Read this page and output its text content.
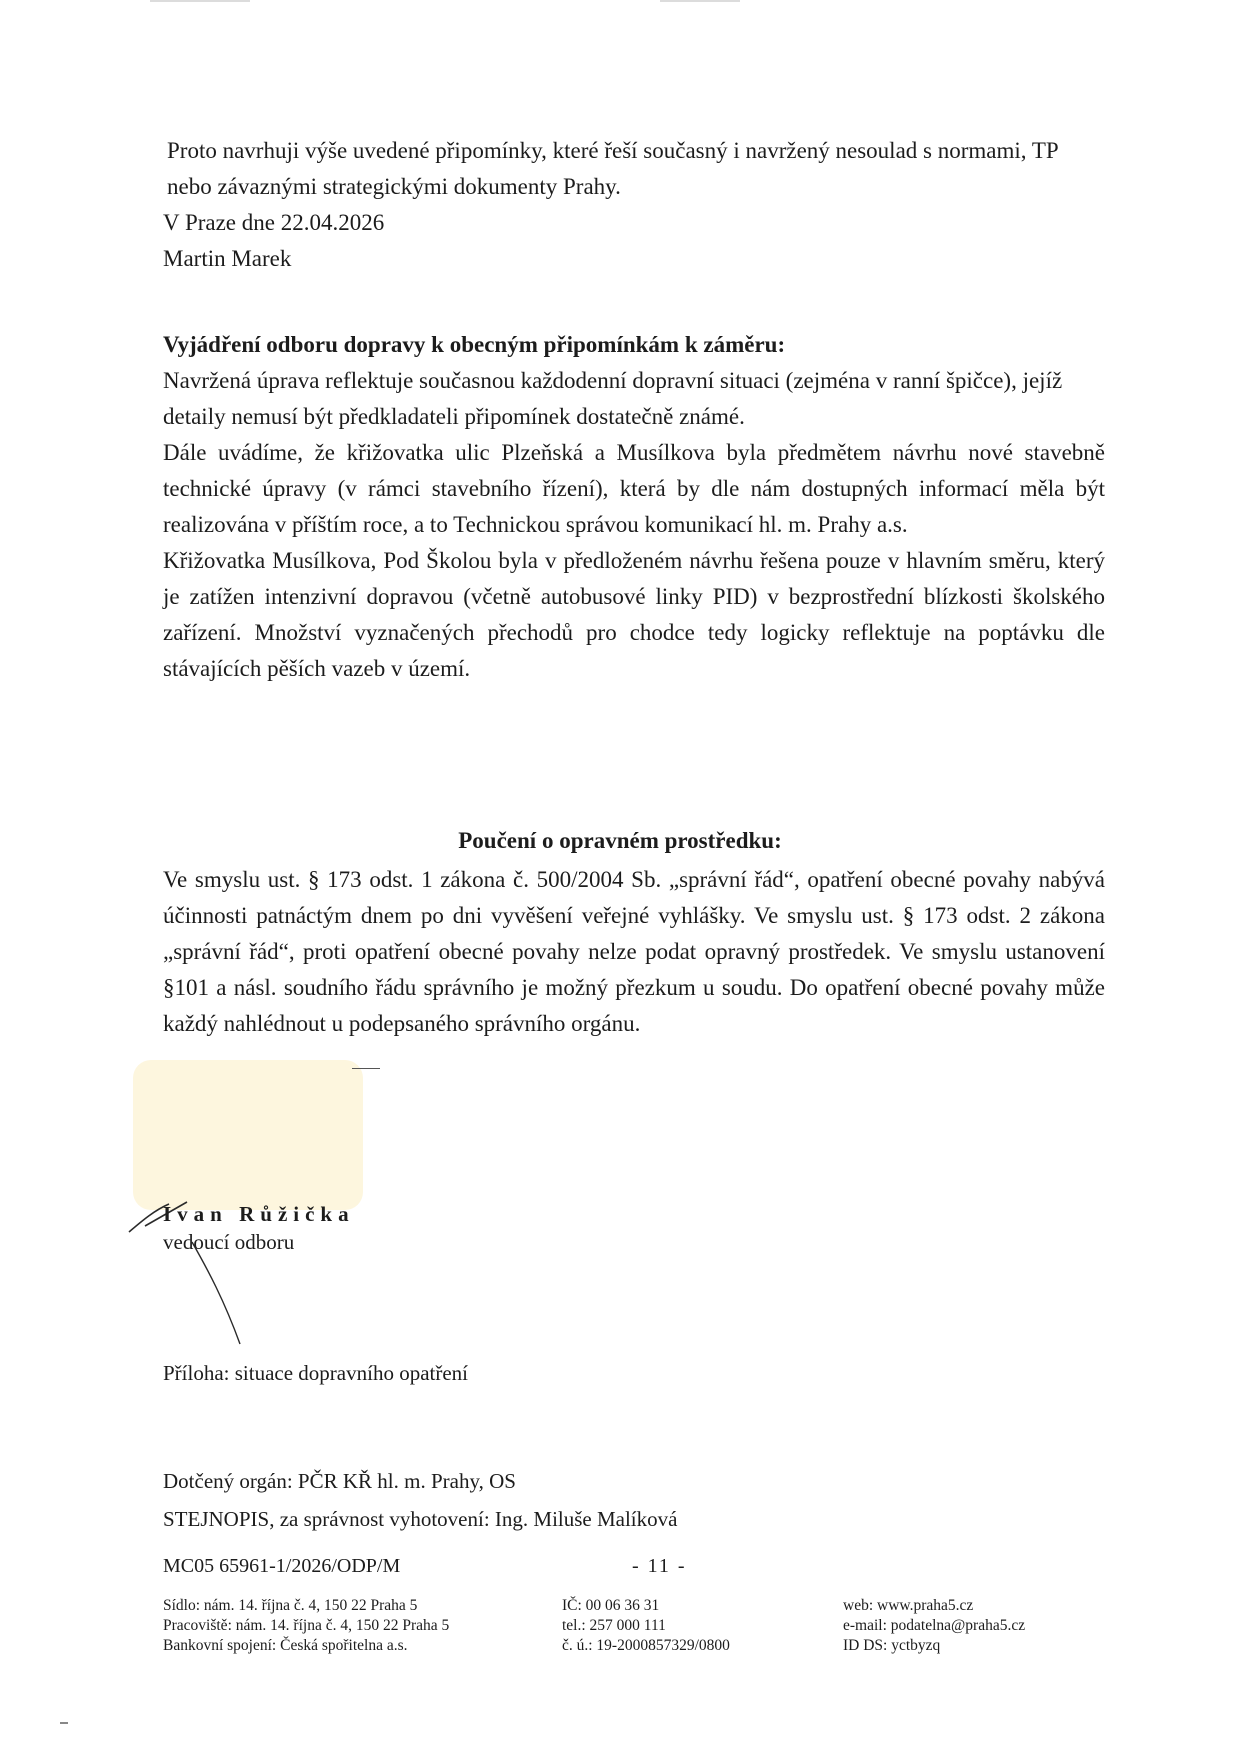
Proto navrhuji výše uvedené připomínky, které řeší současný i navržený nesoulad s normami, TP nebo závaznými strategickými dokumenty Prahy.

V Praze dne 22.04.2026

Martin Marek

Vyjádření odboru dopravy k obecným připomínkám k záměru:

Navržená úprava reflektuje současnou každodenní dopravní situaci (zejména v ranní špičce), jejíž detaily nemusí být předkladateli připomínek dostatečně známé.

Dále uvádíme, že křižovatka ulic Plzeňská a Musílkova byla předmětem návrhu nové stavebně technické úpravy (v rámci stavebního řízení), která by dle nám dostupných informací měla být realizována v příštím roce, a to Technickou správou komunikací hl. m. Prahy a.s.

Křižovatka Musílkova, Pod Školou byla v předloženém návrhu řešena pouze v hlavním směru, který je zatížen intenzivní dopravou (včetně autobusové linky PID) v bezprostřední blízkosti školského zařízení. Množství vyznačených přechodů pro chodce tedy logicky reflektuje na poptávku dle stávajících pěších vazeb v území.

Poučení o opravném prostředku:

Ve smyslu ust. § 173 odst. 1 zákona č. 500/2004 Sb. „správní řád“, opatření obecné povahy nabývá účinnosti patnáctým dnem po dni vyvěšení veřejné vyhlášky. Ve smyslu ust. § 173 odst. 2 zákona „správní řád“, proti opatření obecné povahy nelze podat opravný prostředek. Ve smyslu ustanovení §101 a násl. soudního řádu správního je možný přezkum u soudu. Do opatření obecné povahy může každý nahlédnout u podepsaného správního orgánu.

Ivan Růžička
vedoucí odboru
Příloha: situace dopravního opatření
Dotčený orgán: PČR KŘ hl. m. Prahy, OS
STEJNOPIS, za správnost vyhotovení: Ing. Miluše Malíková
MC05 65961-1/2026/ODP/M	- 11 -
Sídlo: nám. 14. října č. 4, 150 22 Praha 5
Pracoviště: nám. 14. října č. 4, 150 22 Praha 5
Bankovní spojení: Česká spořitelna a.s.
IČ: 00 06 36 31
tel.: 257 000 111
č. ú.: 19-2000857329/0800
web: www.praha5.cz
e-mail: podatelna@praha5.cz
ID DS: yctbyzq
